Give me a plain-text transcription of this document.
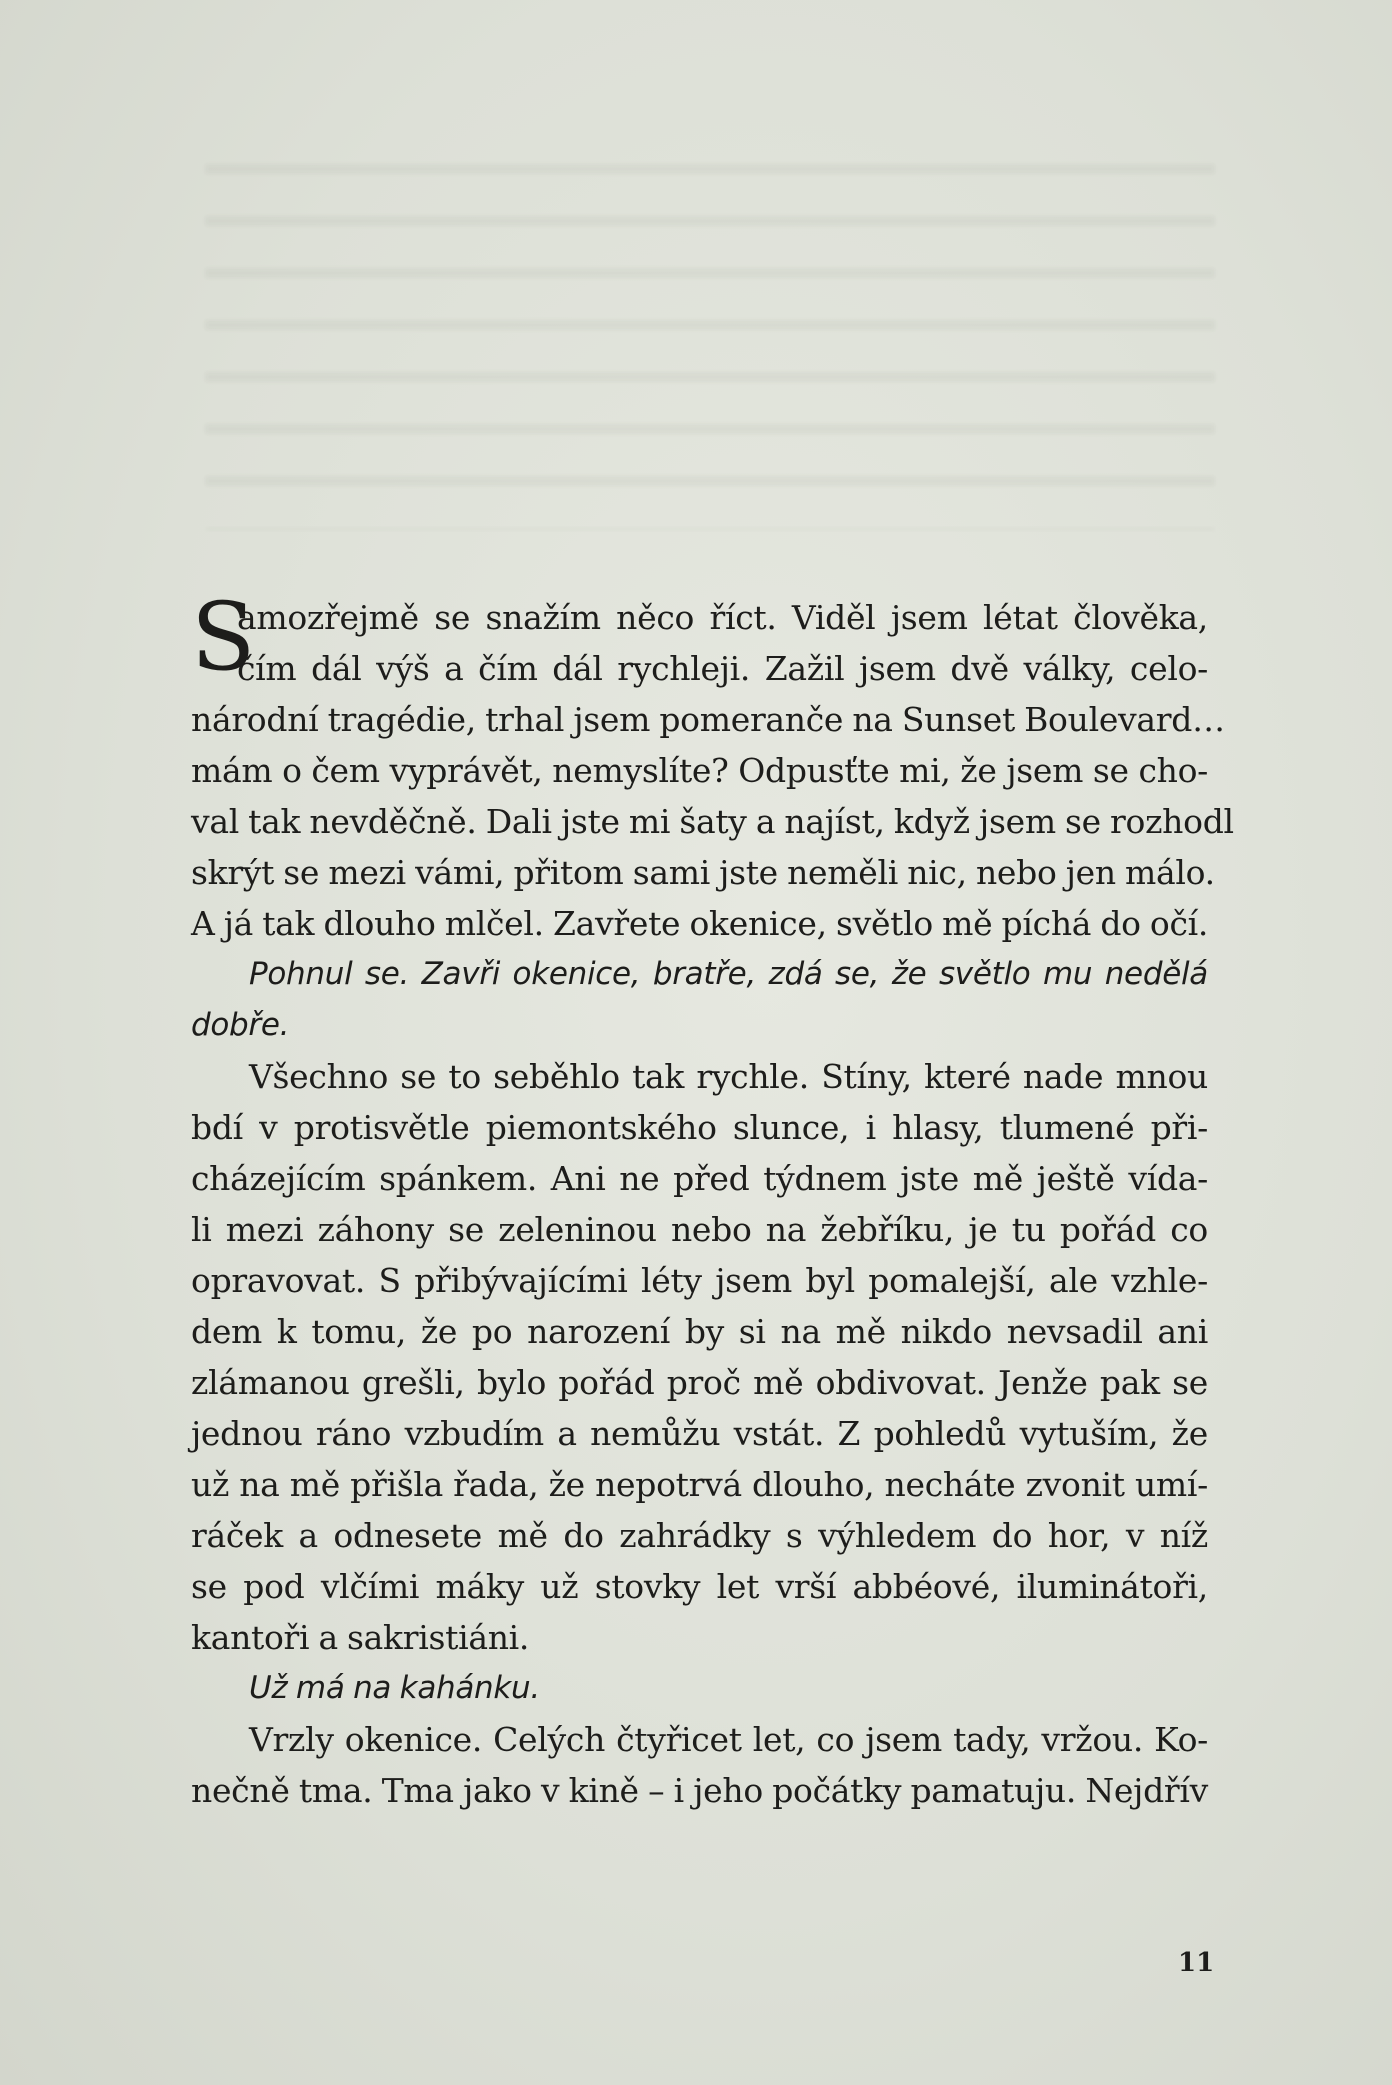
S
amozřejmě se snažím něco říct. Viděl jsem létat člověka,
čím dál výš a čím dál rychleji. Zažil jsem dvě války, celo-
národní tragédie, trhal jsem pomeranče na Sunset Boulevard…
mám o čem vyprávět, nemyslíte? Odpusťte mi, že jsem se cho-
val tak nevděčně. Dali jste mi šaty a najíst, když jsem se rozhodl
skrýt se mezi vámi, přitom sami jste neměli nic, nebo jen málo.
A já tak dlouho mlčel. Zavřete okenice, světlo mě píchá do očí.
Pohnul se. Zavři okenice, bratře, zdá se, že světlo mu nedělá
dobře.
Všechno se to seběhlo tak rychle. Stíny, které nade mnou
bdí v protisvětle piemontského slunce, i hlasy, tlumené při-
cházejícím spánkem. Ani ne před týdnem jste mě ještě vída-
li mezi záhony se zeleninou nebo na žebříku, je tu pořád co
opravovat. S přibývajícími léty jsem byl pomalejší, ale vzhle-
dem k tomu, že po narození by si na mě nikdo nevsadil ani
zlámanou grešli, bylo pořád proč mě obdivovat. Jenže pak se
jednou ráno vzbudím a nemůžu vstát. Z pohledů vytuším, že
už na mě přišla řada, že nepotrvá dlouho, necháte zvonit umí-
ráček a odnesete mě do zahrádky s výhledem do hor, v níž
se pod vlčími máky už stovky let vrší abbéové, iluminátoři,
kantoři a sakristiáni.
Už má na kahánku.
Vrzly okenice. Celých čtyřicet let, co jsem tady, vržou. Ko-
nečně tma. Tma jako v kině – i jeho počátky pamatuju. Nejdřív
11
